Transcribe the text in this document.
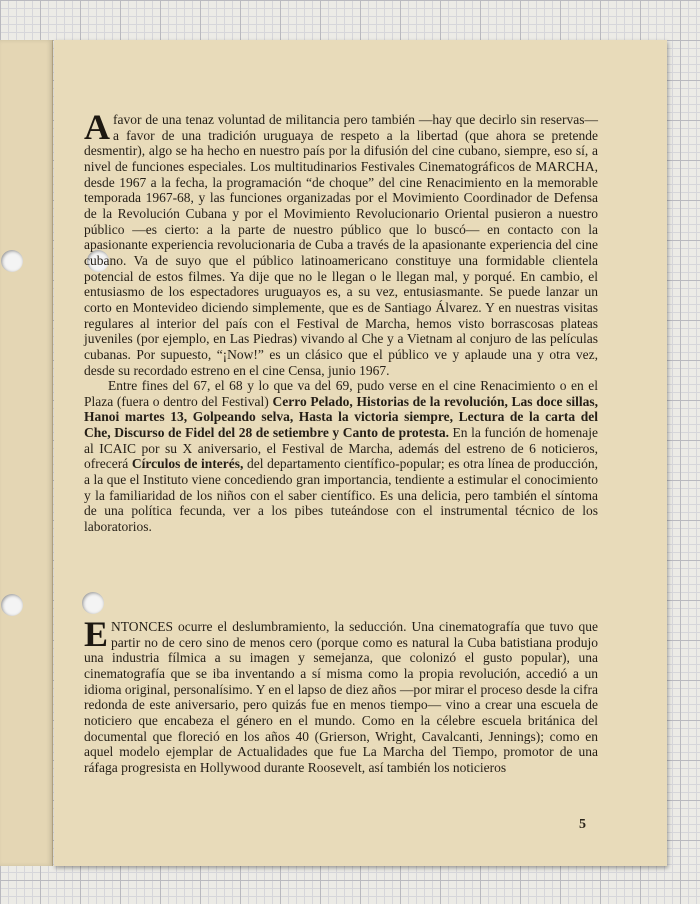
Afavor de una tenaz voluntad de militancia pero también —hay que decirlo sin reservas— a favor de una tradición uruguaya de respeto a la libertad (que ahora se pretende desmentir), algo se ha hecho en nuestro país por la difusión del cine cubano, siempre, eso sí, a nivel de funciones especiales. Los multitudinarios Festivales Cinematográficos de MARCHA, desde 1967 a la fecha, la programación “de choque” del cine Renacimiento en la memorable temporada 1967-68, y las funciones organizadas por el Movimiento Coordinador de Defensa de la Revolución Cubana y por el Movimiento Revolucionario Oriental pusieron a nuestro público —es cierto: a la parte de nuestro público que lo buscó— en contacto con la apasionante experiencia revolucionaria de Cuba a través de la apasionante experiencia del cine cubano. Va de suyo que el público latinoamericano constituye una formidable clientela potencial de estos filmes. Ya dije que no le llegan o le llegan mal, y porqué. En cambio, el entusiasmo de los espectadores uruguayos es, a su vez, entusiasmante. Se puede lanzar un corto en Montevideo diciendo simplemente, que es de Santiago Álvarez. Y en nuestras visitas regulares al interior del país con el Festival de Marcha, hemos visto borrascosas plateas juveniles (por ejemplo, en Las Piedras) vivando al Che y a Vietnam al conjuro de las películas cubanas. Por supuesto, “¡Now!” es un clásico que el público ve y aplaude una y otra vez, desde su recordado estreno en el cine Censa, junio 1967.

Entre fines del 67, el 68 y lo que va del 69, pudo verse en el cine Renacimiento o en el Plaza (fuera o dentro del Festival) Cerro Pelado, Historias de la revolución, Las doce sillas, Hanoi martes 13, Golpeando selva, Hasta la victoria siempre, Lectura de la carta del Che, Discurso de Fidel del 28 de setiembre y Canto de protesta. En la función de homenaje al ICAIC por su X aniversario, el Festival de Marcha, además del estreno de 6 noticieros, ofrecerá Círculos de interés, del departamento científico-popular; es otra línea de producción, a la que el Instituto viene concediendo gran importancia, tendiente a estimular el conocimiento y la familiaridad de los niños con el saber científico. Es una delicia, pero también el síntoma de una política fecunda, ver a los pibes tuteándose con el instrumental técnico de los laboratorios.

ENTONCES ocurre el deslumbramiento, la seducción. Una cinematografía que tuvo que partir no de cero sino de menos cero (porque como es natural la Cuba batistiana produjo una industria fílmica a su imagen y semejanza, que colonizó el gusto popular), una cinematografía que se iba inventando a sí misma como la propia revolución, accedió a un idioma original, personalísimo. Y en el lapso de diez años —por mirar el proceso desde la cifra redonda de este aniversario, pero quizás fue en menos tiempo— vino a crear una escuela de noticiero que encabeza el género en el mundo. Como en la célebre escuela británica del documental que floreció en los años 40 (Grierson, Wright, Cavalcanti, Jennings); como en aquel modelo ejemplar de Actualidades que fue La Marcha del Tiempo, promotor de una ráfaga progresista en Hollywood durante Roosevelt, así también los noticieros

5
